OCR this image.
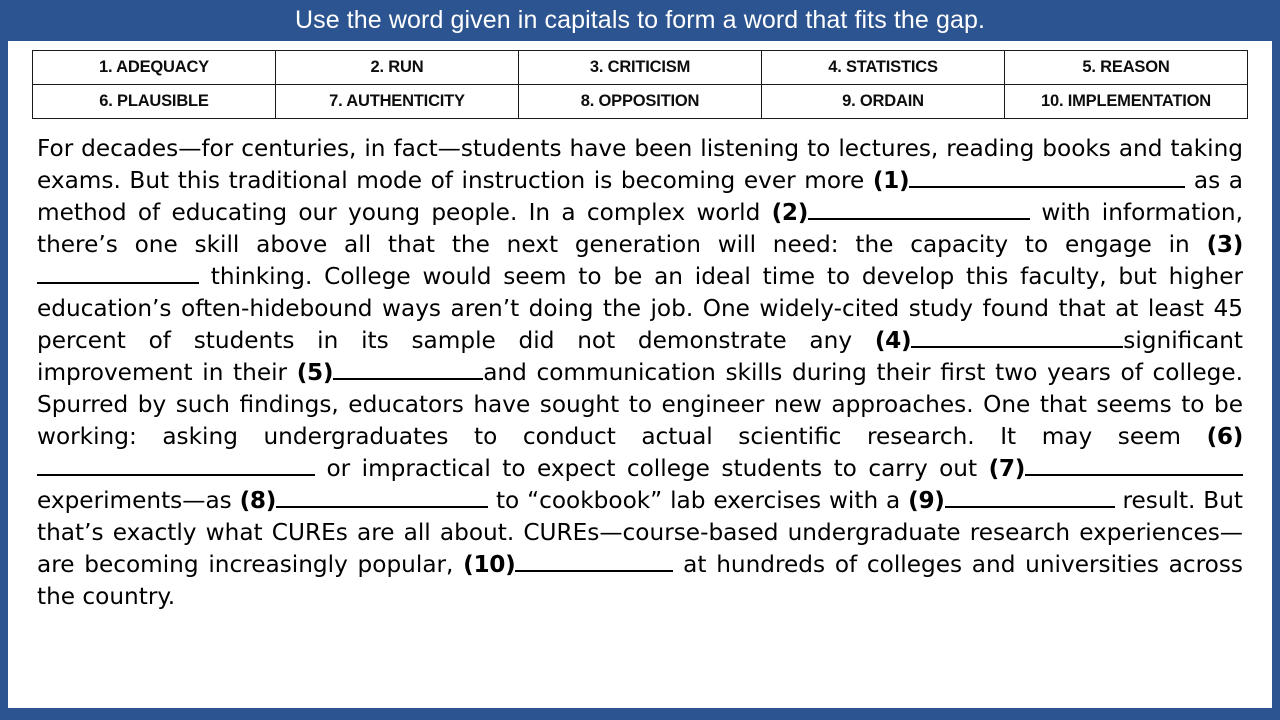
Use the word given in capitals to form a word that fits the gap.
1. ADEQUACY	2. RUN	3. CRITICISM	4. STATISTICS	5. REASON
6. PLAUSIBLE	7. AUTHENTICITY	8. OPPOSITION	9. ORDAIN	10. IMPLEMENTATION
For decades—for centuries, in fact—students have been listening to lectures, reading books and taking exams. But this traditional mode of instruction is becoming ever more (1)	as a method of educating our young people. In a complex world (2)	with information, there’s one skill above all that the next generation will need: the capacity to engage in (3) thinking. College would seem to be an ideal time to develop this faculty, but higher education’s often-hidebound ways aren’t doing the job. One widely-cited study found that at least 45 percent of students in its sample did not demonstrate any (4)	significant improvement in their (5)	and communication skills during their first two years of college. Spurred by such findings, educators have sought to engineer new approaches. One that seems to be working: asking undergraduates to conduct actual scientific research. It may seem (6) or impractical to expect college students to carry out (7) experiments—as (8)	to “cookbook” lab exercises with a (9)	result. But that’s exactly what CUREs are all about. CUREs—course-based undergraduate research experiences—are becoming increasingly popular, (10)	at hundreds of colleges and universities across the country.
